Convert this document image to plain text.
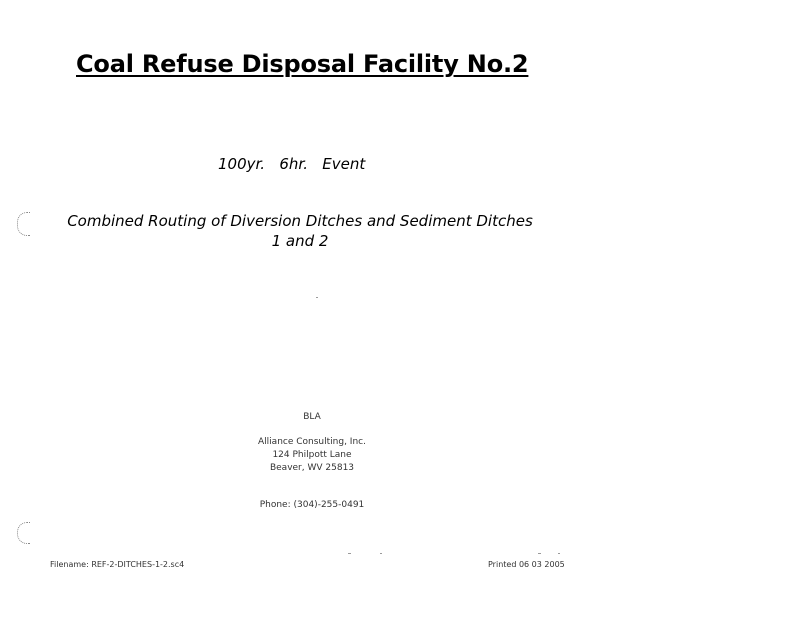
Coal Refuse Disposal Facility No.2
100yr.   6hr.   Event
Combined Routing of Diversion Ditches and Sediment Ditches
1 and 2
BLA
Alliance Consulting, Inc.
124 Philpott Lane
Beaver, WV 25813
Phone: (304)-255-0491
Filename: REF-2-DITCHES-1-2.sc4	Printed 06 03 2005
